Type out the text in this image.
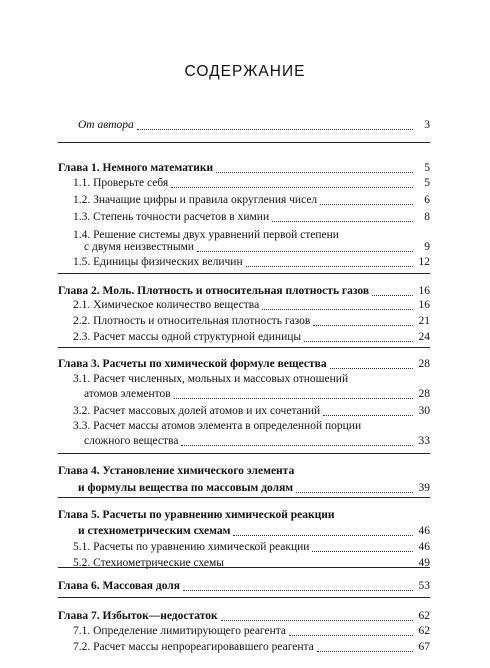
СОДЕРЖАНИЕ
От автора	3
Глава 1. Немного математики	5
1.1. Проверьте себя	5
1.2. Значащие цифры и правила округления чисел	6
1.3. Степень точности расчетов в химии	8
1.4. Решение системы двух уравнений первой степени
с двумя неизвестными	9
1.5. Единицы физических величин	12
Глава 2. Моль. Плотность и относительная плотность газов	16
2.1. Химическое количество вещества	16
2.2. Плотность и относительная плотность газов	21
2.3. Расчет массы одной структурной единицы	24
Глава 3. Расчеты по химической формуле вещества	28
3.1. Расчет численных, мольных и массовых отношений
атомов элементов	28
3.2. Расчет массовых долей атомов и их сочетаний	30
3.3. Расчет массы атомов элемента в определенной порции
сложного вещества	33
Глава 4. Установление химического элемента
и формулы вещества по массовым долям	39
Глава 5. Расчеты по уравнению химической реакции
и стехиометрическим схемам	46
5.1. Расчеты по уравнению химической реакции	46
5.2. Стехиометрические схемы	49
Глава 6. Массовая доля	53
Глава 7. Избыток—недостаток	62
7.1. Определение лимитирующего реагента	62
7.2. Расчет массы непрореагировавшего реагента	67
